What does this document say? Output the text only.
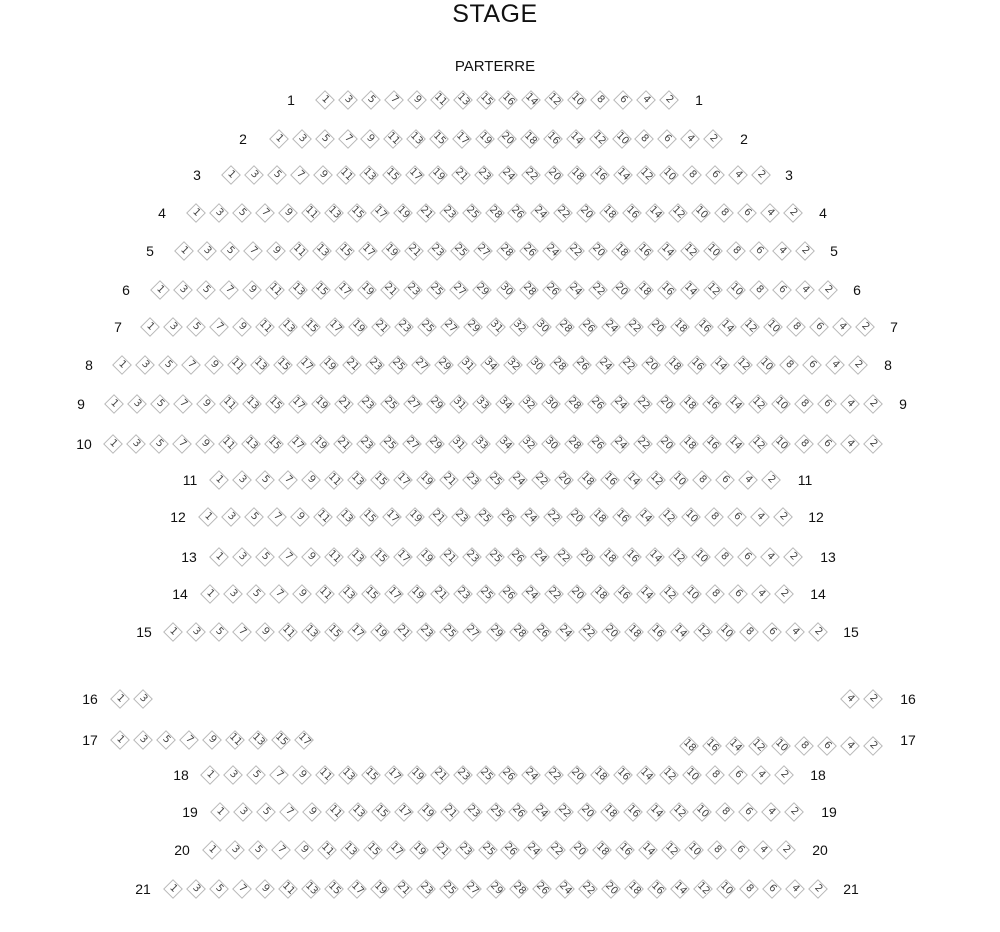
STAGE
PARTERRE
1	1
1	3	5	7	9 11 13 15 16 14 12 10 8	6	4	2
2	2
1	3	5	7	9 11 13 15 17 19 20 18 16 14 12 10 8	6	4	2
3	3
1	3	5	7	9 11 13 15 17 19 21 23 24 22 20 18 16 14 12 10 8	6	4	2
4	4
1	3	5	7	9 11 13 15 17 19 21 23 25 28 26 24 22 20 18 16 14 12 10 8	6	4	2
5	5
1	3	5	7	9 11 13 15 17 19 21 23 25 27 28 26 24 22 20 18 16 14 12 10 8	6	4	2
6	6
1	3	5	7	9 11 13 15 17 19 21 23 25 27 29 30 28 26 24 22 20 18 16 14 12 10 8	6	4	2
7	7
1	3	5	7	9 11 13 15 17 19 21 23 25 27 29 31 32 30 28 26 24 22 20 18 16 14 12 10 8	6	4	2
8	8
1	3	5	7	9 11 13 15 17 19 21 23 25 27 29 31 34 32 30 28 26 24 22 20 18 16 14 12 10 8	6	4	2
9	9
1	3	5	7	9 11 13 15 17 19 21 23 25 27 29 31 33 34 32 30 28 26 24 22 20 18 16 14 12 10 8	6	4	2
10	1	3	5	7	9 11 13 15 17 19 21 23 25 27 29 31 33 34 32 30 28 26 24 22 20 18 16 14 12 10 8	6	4	2
11	11
1	3	5	7	9 11 13 15 17 19 21 23 25 24 22 20 18 16 14 12 10 8	6	4	2
12	12
1	3	5	7	9 11 13 15 17 19 21 23 25 26 24 22 20 18 16 14 12 10 8	6	4	2
13	13
1	3	5	7	9 11 13 15 17 19 21 23 25 26 24 22 20 18 16 14 12 10 8	6	4	2
14	14
1	3	5	7	9 11 13 15 17 19 21 23 25 26 24 22 20 18 16 14 12 10 8	6	4	2
15	15
1	3	5	7	9 11 13 15 17 19 21 23 25 27 29 28 26 24 22 20 18 16 14 12 10 8	6	4	2
16	16
1	3	4	2
17	17
1	3	5	7	9 11 13 15 17	18 16 14 12 10 8	6	4	2
18	18
1	3	5	7	9 11 13 15 17 19 21 23 25 26 24 22 20 18 16 14 12 10 8	6	4	2
19	19
1	3	5	7	9 11 13 15 17 19 21 23 25 26 24 22 20 18 16 14 12 10 8	6	4	2
20	20
1	3	5	7	9 11 13 15 17 19 21 23 25 26 24 22 20 18 16 14 12 10 8	6	4	2
21	21
1	3	5	7	9 11 13 15 17 19 21 23 25 27 29 28 26 24 22 20 18 16 14 12 10 8	6	4	2
